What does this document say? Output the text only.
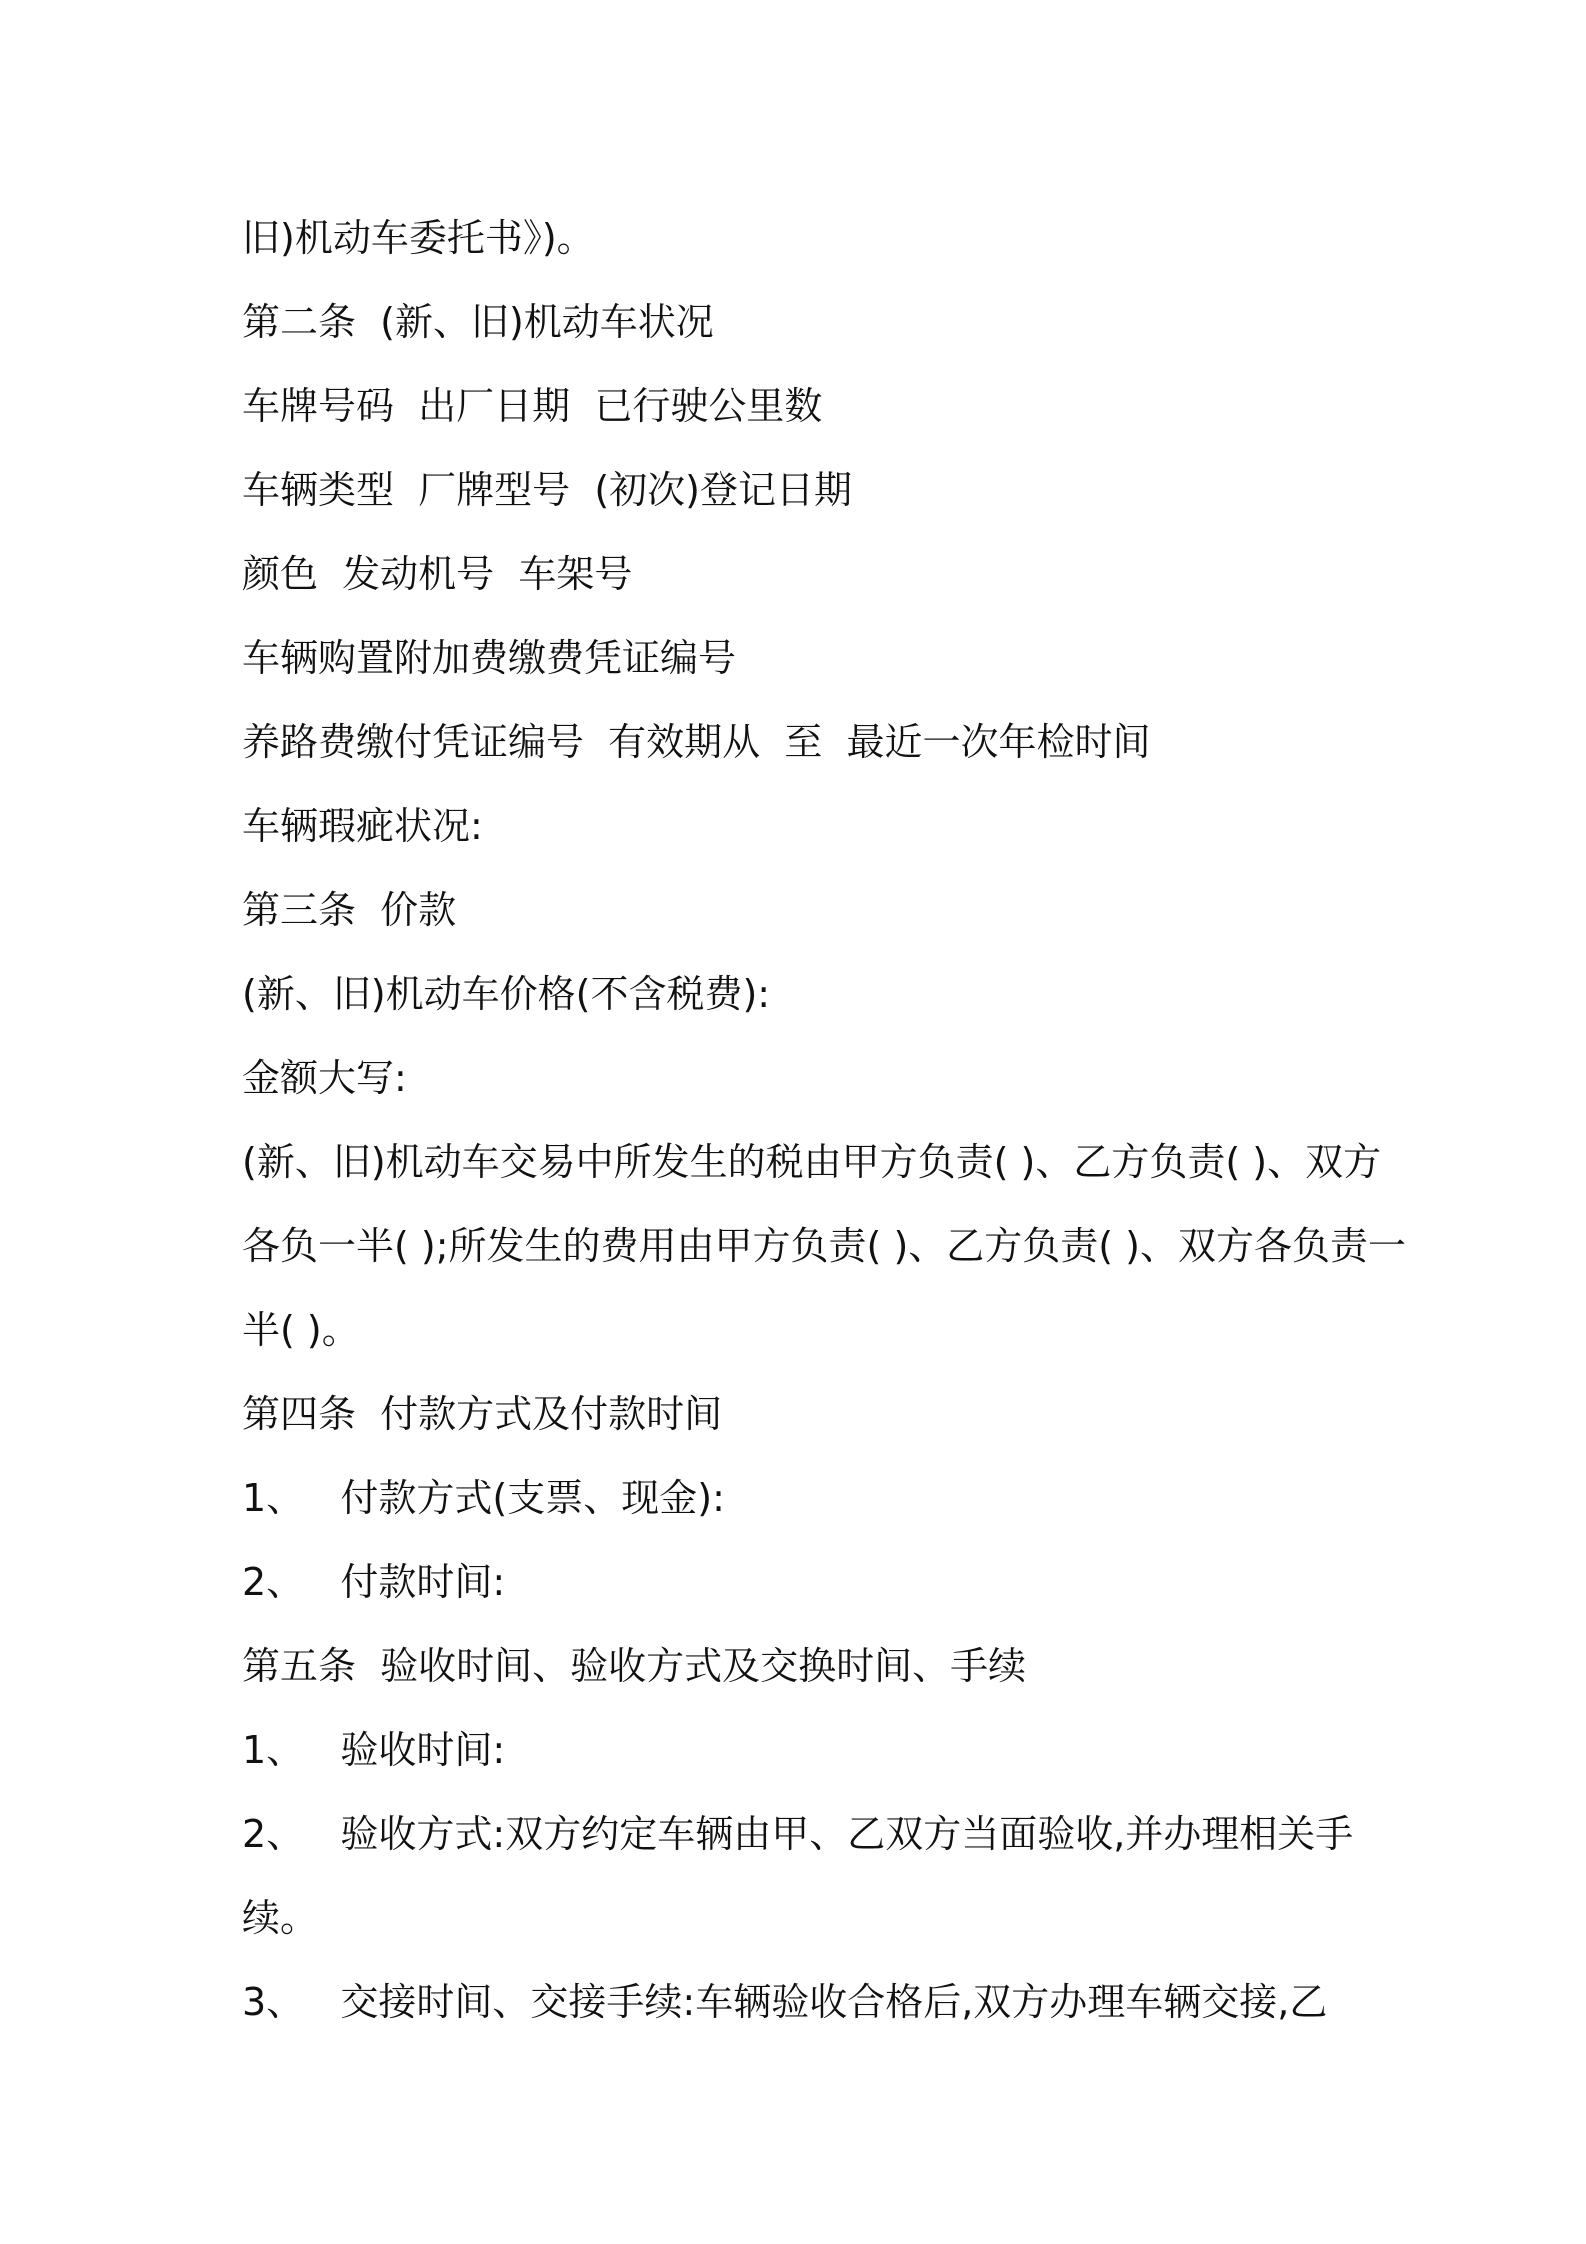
旧)机动车委托书》)。

第二条  (新、旧)机动车状况

车牌号码  出厂日期  已行驶公里数

车辆类型  厂牌型号  (初次)登记日期

颜色  发动机号  车架号

车辆购置附加费缴费凭证编号

养路费缴付凭证编号  有效期从  至  最近一次年检时间

车辆瑕疵状况:

第三条  价款

(新、旧)机动车价格(不含税费):

金额大写:

(新、旧)机动车交易中所发生的税由甲方负责( )、乙方负责( )、双方

各负一半( );所发生的费用由甲方负责( )、乙方负责( )、双方各负责一

半( )。

第四条  付款方式及付款时间

1、   付款方式(支票、现金):

2、   付款时间:

第五条  验收时间、验收方式及交换时间、手续

1、   验收时间:

2、   验收方式:双方约定车辆由甲、乙双方当面验收,并办理相关手

续。

3、   交接时间、交接手续:车辆验收合格后,双方办理车辆交接,乙
